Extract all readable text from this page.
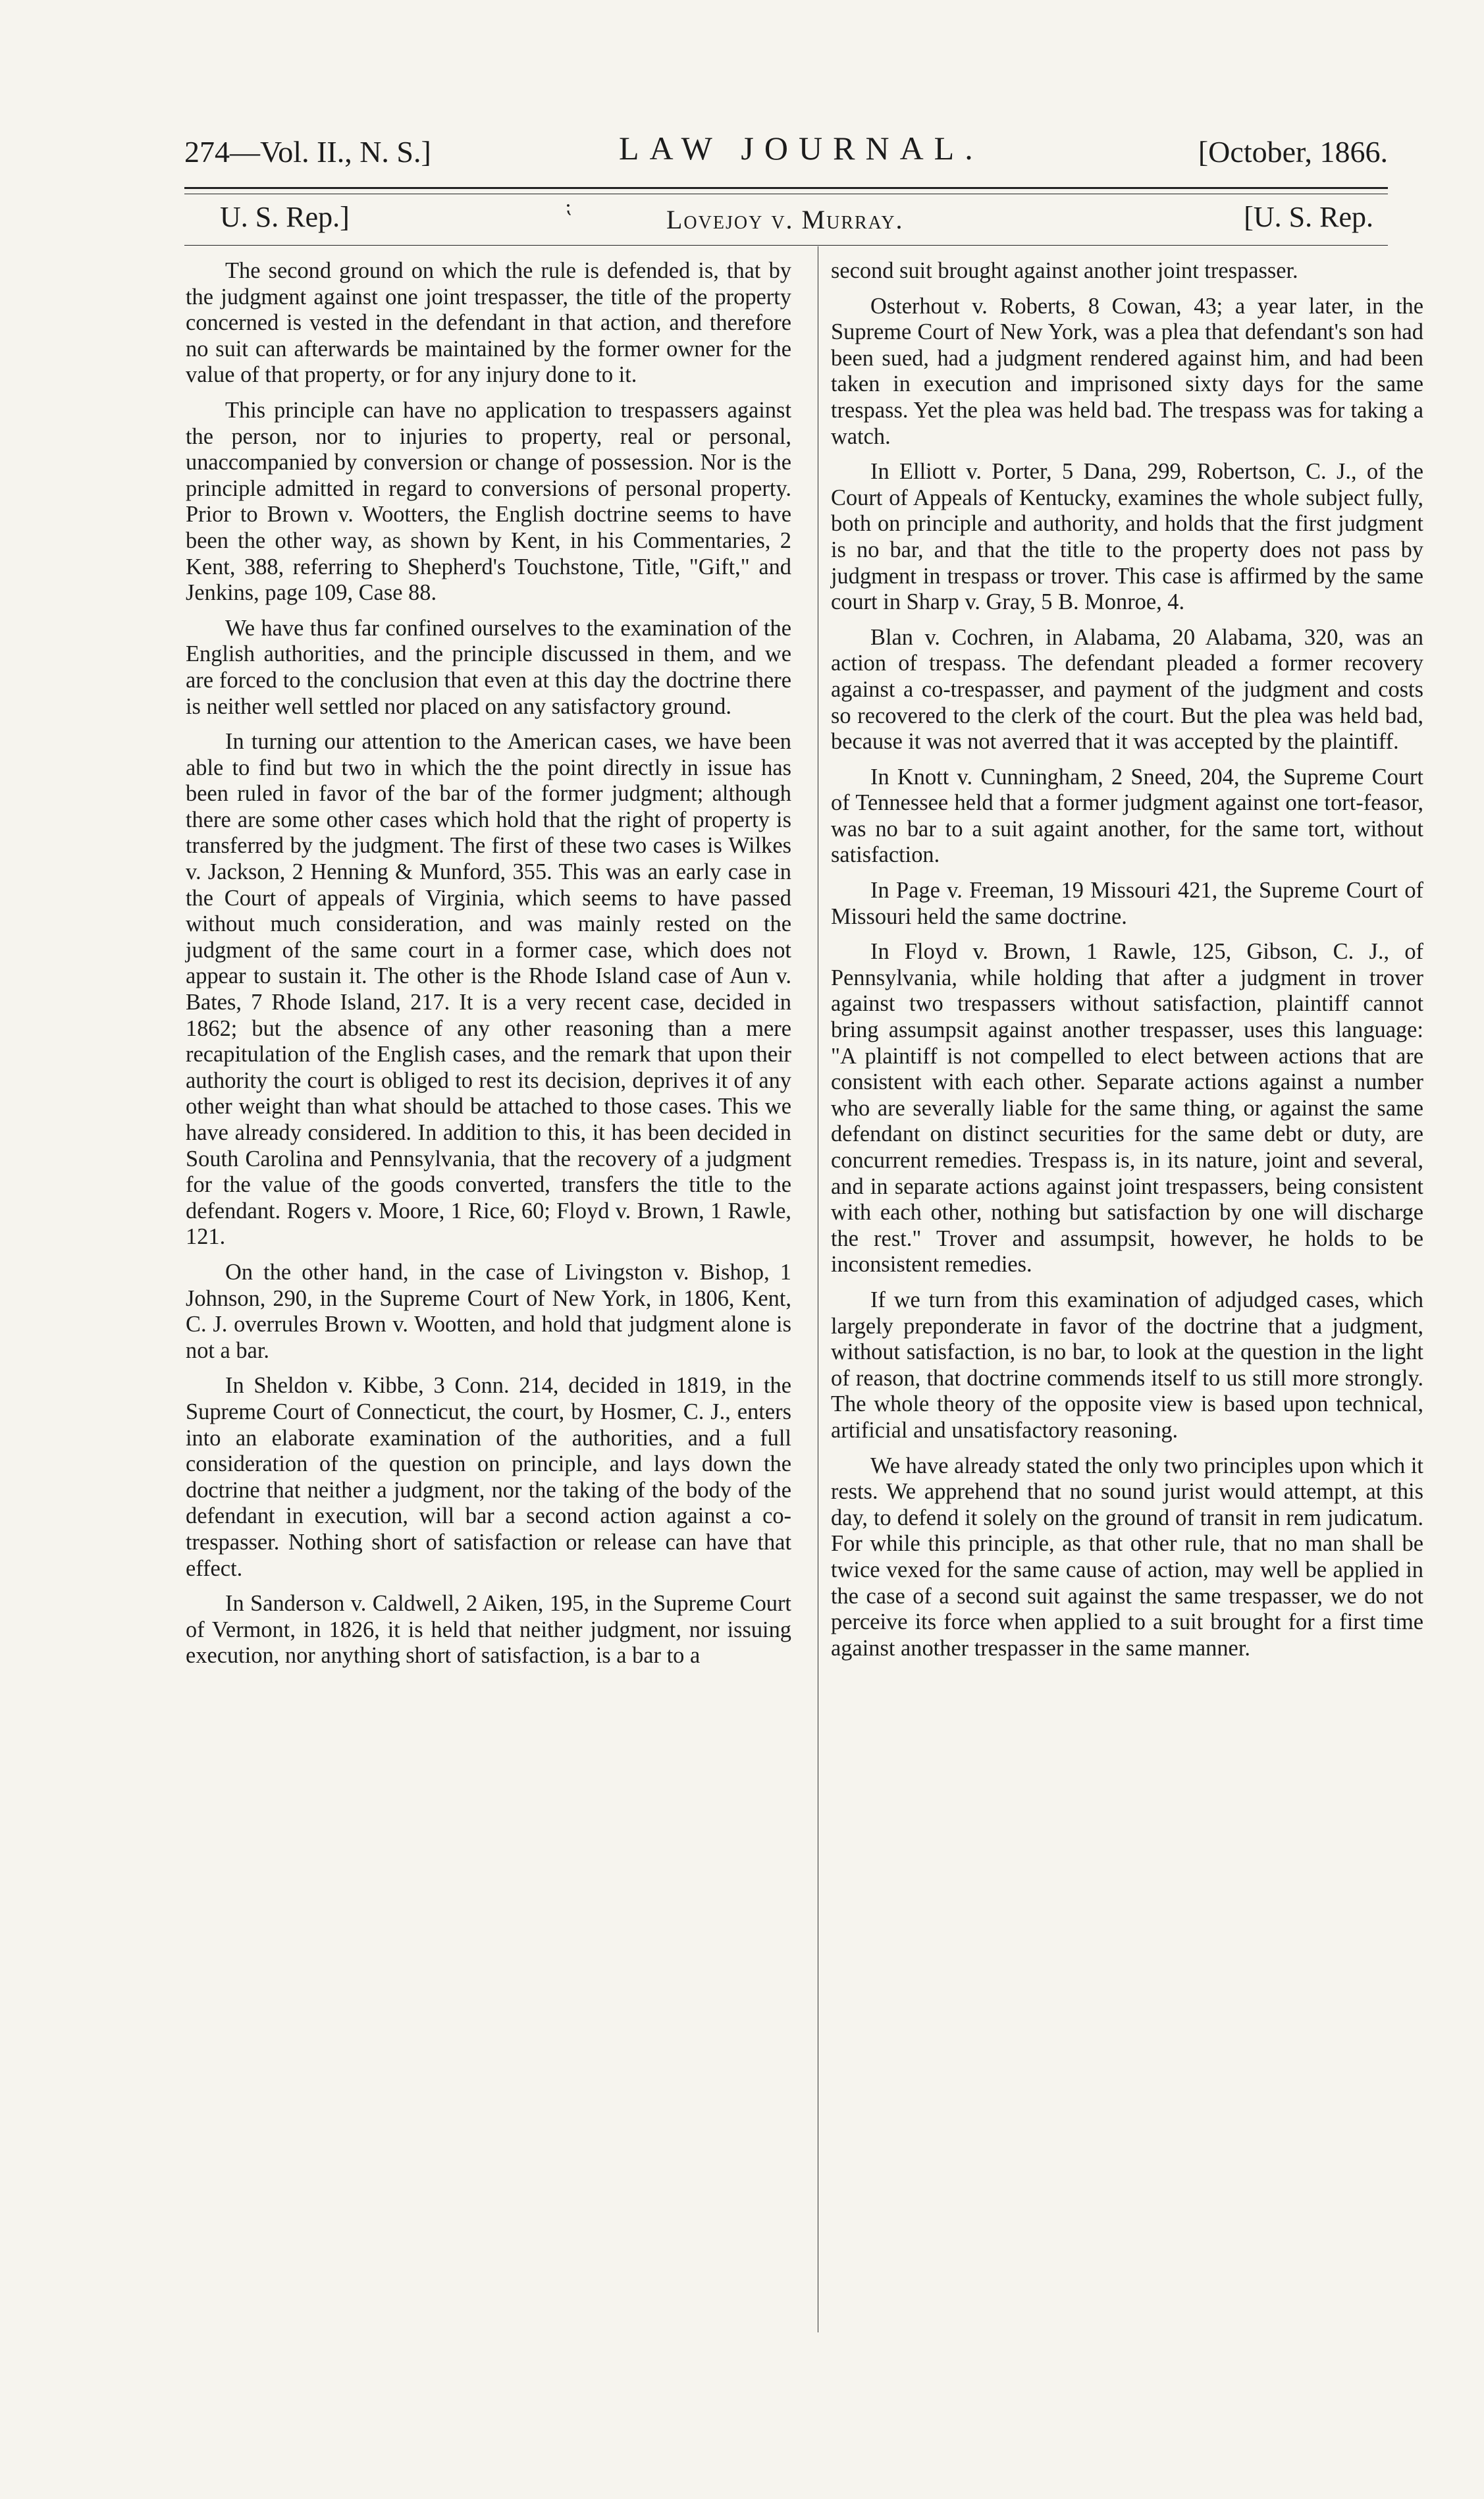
274—Vol. II., N. S.]	LAW JOURNAL.	[October, 1866.
U. S. Rep.]	⁏	Lovejoy v. Murray.	[U. S. Rep.

The second ground on which the rule is defended is, that by the judgment against one joint trespasser, the title of the property concerned is vested in the defendant in that action, and therefore no suit can afterwards be maintained by the former owner for the value of that property, or for any injury done to it.

This principle can have no application to trespassers against the person, nor to injuries to property, real or personal, unaccompanied by conversion or change of possession. Nor is the principle admitted in regard to conversions of personal property. Prior to Brown v. Wootters, the English doctrine seems to have been the other way, as shown by Kent, in his Commentaries, 2 Kent, 388, referring to Shepherd's Touchstone, Title, "Gift," and Jenkins, page 109, Case 88.

We have thus far confined ourselves to the examination of the English authorities, and the principle discussed in them, and we are forced to the conclusion that even at this day the doctrine there is neither well settled nor placed on any satisfactory ground.

In turning our attention to the American cases, we have been able to find but two in which the the point directly in issue has been ruled in favor of the bar of the former judgment; although there are some other cases which hold that the right of property is transferred by the judgment. The first of these two cases is Wilkes v. Jackson, 2 Henning & Munford, 355. This was an early case in the Court of appeals of Virginia, which seems to have passed without much consideration, and was mainly rested on the judgment of the same court in a former case, which does not appear to sustain it. The other is the Rhode Island case of Aun v. Bates, 7 Rhode Island, 217. It is a very recent case, decided in 1862; but the absence of any other reasoning than a mere recapitulation of the English cases, and the remark that upon their authority the court is obliged to rest its decision, deprives it of any other weight than what should be attached to those cases. This we have already considered. In addition to this, it has been decided in South Carolina and Pennsylvania, that the recovery of a judgment for the value of the goods converted, transfers the title to the defendant. Rogers v. Moore, 1 Rice, 60; Floyd v. Brown, 1 Rawle, 121.

On the other hand, in the case of Livingston v. Bishop, 1 Johnson, 290, in the Supreme Court of New York, in 1806, Kent, C. J. overrules Brown v. Wootten, and hold that judgment alone is not a bar.

In Sheldon v. Kibbe, 3 Conn. 214, decided in 1819, in the Supreme Court of Connecticut, the court, by Hosmer, C. J., enters into an elaborate examination of the authorities, and a full consideration of the question on principle, and lays down the doctrine that neither a judgment, nor the taking of the body of the defendant in execution, will bar a second action against a co-trespasser. Nothing short of satisfaction or release can have that effect.

In Sanderson v. Caldwell, 2 Aiken, 195, in the Supreme Court of Vermont, in 1826, it is held that neither judgment, nor issuing execution, nor anything short of satisfaction, is a bar to a

second suit brought against another joint trespasser.

Osterhout v. Roberts, 8 Cowan, 43; a year later, in the Supreme Court of New York, was a plea that defendant's son had been sued, had a judgment rendered against him, and had been taken in execution and imprisoned sixty days for the same trespass. Yet the plea was held bad. The trespass was for taking a watch.

In Elliott v. Porter, 5 Dana, 299, Robertson, C. J., of the Court of Appeals of Kentucky, examines the whole subject fully, both on principle and authority, and holds that the first judgment is no bar, and that the title to the property does not pass by judgment in trespass or trover. This case is affirmed by the same court in Sharp v. Gray, 5 B. Monroe, 4.

Blan v. Cochren, in Alabama, 20 Alabama, 320, was an action of trespass. The defendant pleaded a former recovery against a co-trespasser, and payment of the judgment and costs so recovered to the clerk of the court. But the plea was held bad, because it was not averred that it was accepted by the plaintiff.

In Knott v. Cunningham, 2 Sneed, 204, the Supreme Court of Tennessee held that a former judgment against one tort-feasor, was no bar to a suit againt another, for the same tort, without satisfaction.

In Page v. Freeman, 19 Missouri 421, the Supreme Court of Missouri held the same doctrine.

In Floyd v. Brown, 1 Rawle, 125, Gibson, C. J., of Pennsylvania, while holding that after a judgment in trover against two trespassers without satisfaction, plaintiff cannot bring assumpsit against another trespasser, uses this language: "A plaintiff is not compelled to elect between actions that are consistent with each other. Separate actions against a number who are severally liable for the same thing, or against the same defendant on distinct securities for the same debt or duty, are concurrent remedies. Trespass is, in its nature, joint and several, and in separate actions against joint trespassers, being consistent with each other, nothing but satisfaction by one will discharge the rest." Trover and assumpsit, however, he holds to be inconsistent remedies.

If we turn from this examination of adjudged cases, which largely preponderate in favor of the doctrine that a judgment, without satisfaction, is no bar, to look at the question in the light of reason, that doctrine commends itself to us still more strongly. The whole theory of the opposite view is based upon technical, artificial and unsatisfactory reasoning.

We have already stated the only two principles upon which it rests. We apprehend that no sound jurist would attempt, at this day, to defend it solely on the ground of transit in rem judicatum. For while this principle, as that other rule, that no man shall be twice vexed for the same cause of action, may well be applied in the case of a second suit against the same trespasser, we do not perceive its force when applied to a suit brought for a first time against another trespasser in the same manner.
